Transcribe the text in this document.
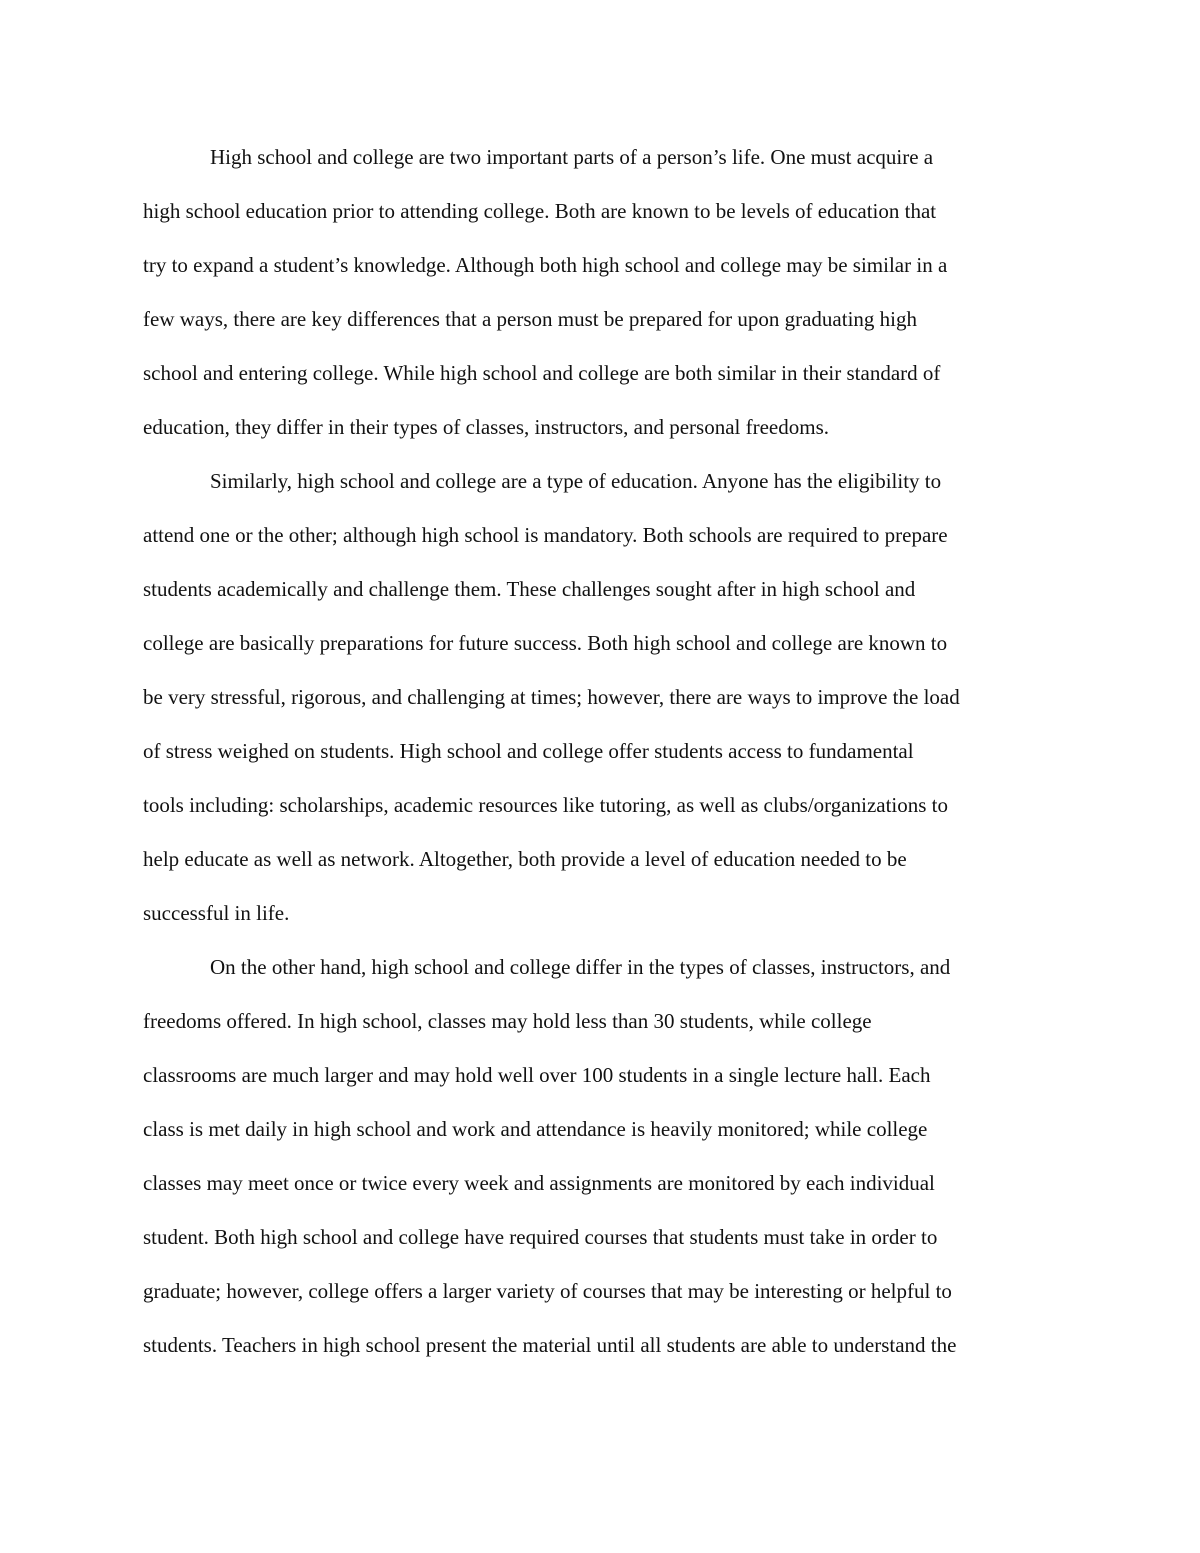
High school and college are two important parts of a person’s life. One must acquire a
high school education prior to attending college. Both are known to be levels of education that
try to expand a student’s knowledge. Although both high school and college may be similar in a
few ways, there are key differences that a person must be prepared for upon graduating high
school and entering college. While high school and college are both similar in their standard of
education, they differ in their types of classes, instructors, and personal freedoms.
Similarly, high school and college are a type of education. Anyone has the eligibility to
attend one or the other; although high school is mandatory. Both schools are required to prepare
students academically and challenge them. These challenges sought after in high school and
college are basically preparations for future success. Both high school and college are known to
be very stressful, rigorous, and challenging at times; however, there are ways to improve the load
of stress weighed on students. High school and college offer students access to fundamental
tools including: scholarships, academic resources like tutoring, as well as clubs/organizations to
help educate as well as network. Altogether, both provide a level of education needed to be
successful in life.
On the other hand, high school and college differ in the types of classes, instructors, and
freedoms offered. In high school, classes may hold less than 30 students, while college
classrooms are much larger and may hold well over 100 students in a single lecture hall. Each
class is met daily in high school and work and attendance is heavily monitored; while college
classes may meet once or twice every week and assignments are monitored by each individual
student. Both high school and college have required courses that students must take in order to
graduate; however, college offers a larger variety of courses that may be interesting or helpful to
students. Teachers in high school present the material until all students are able to understand the
